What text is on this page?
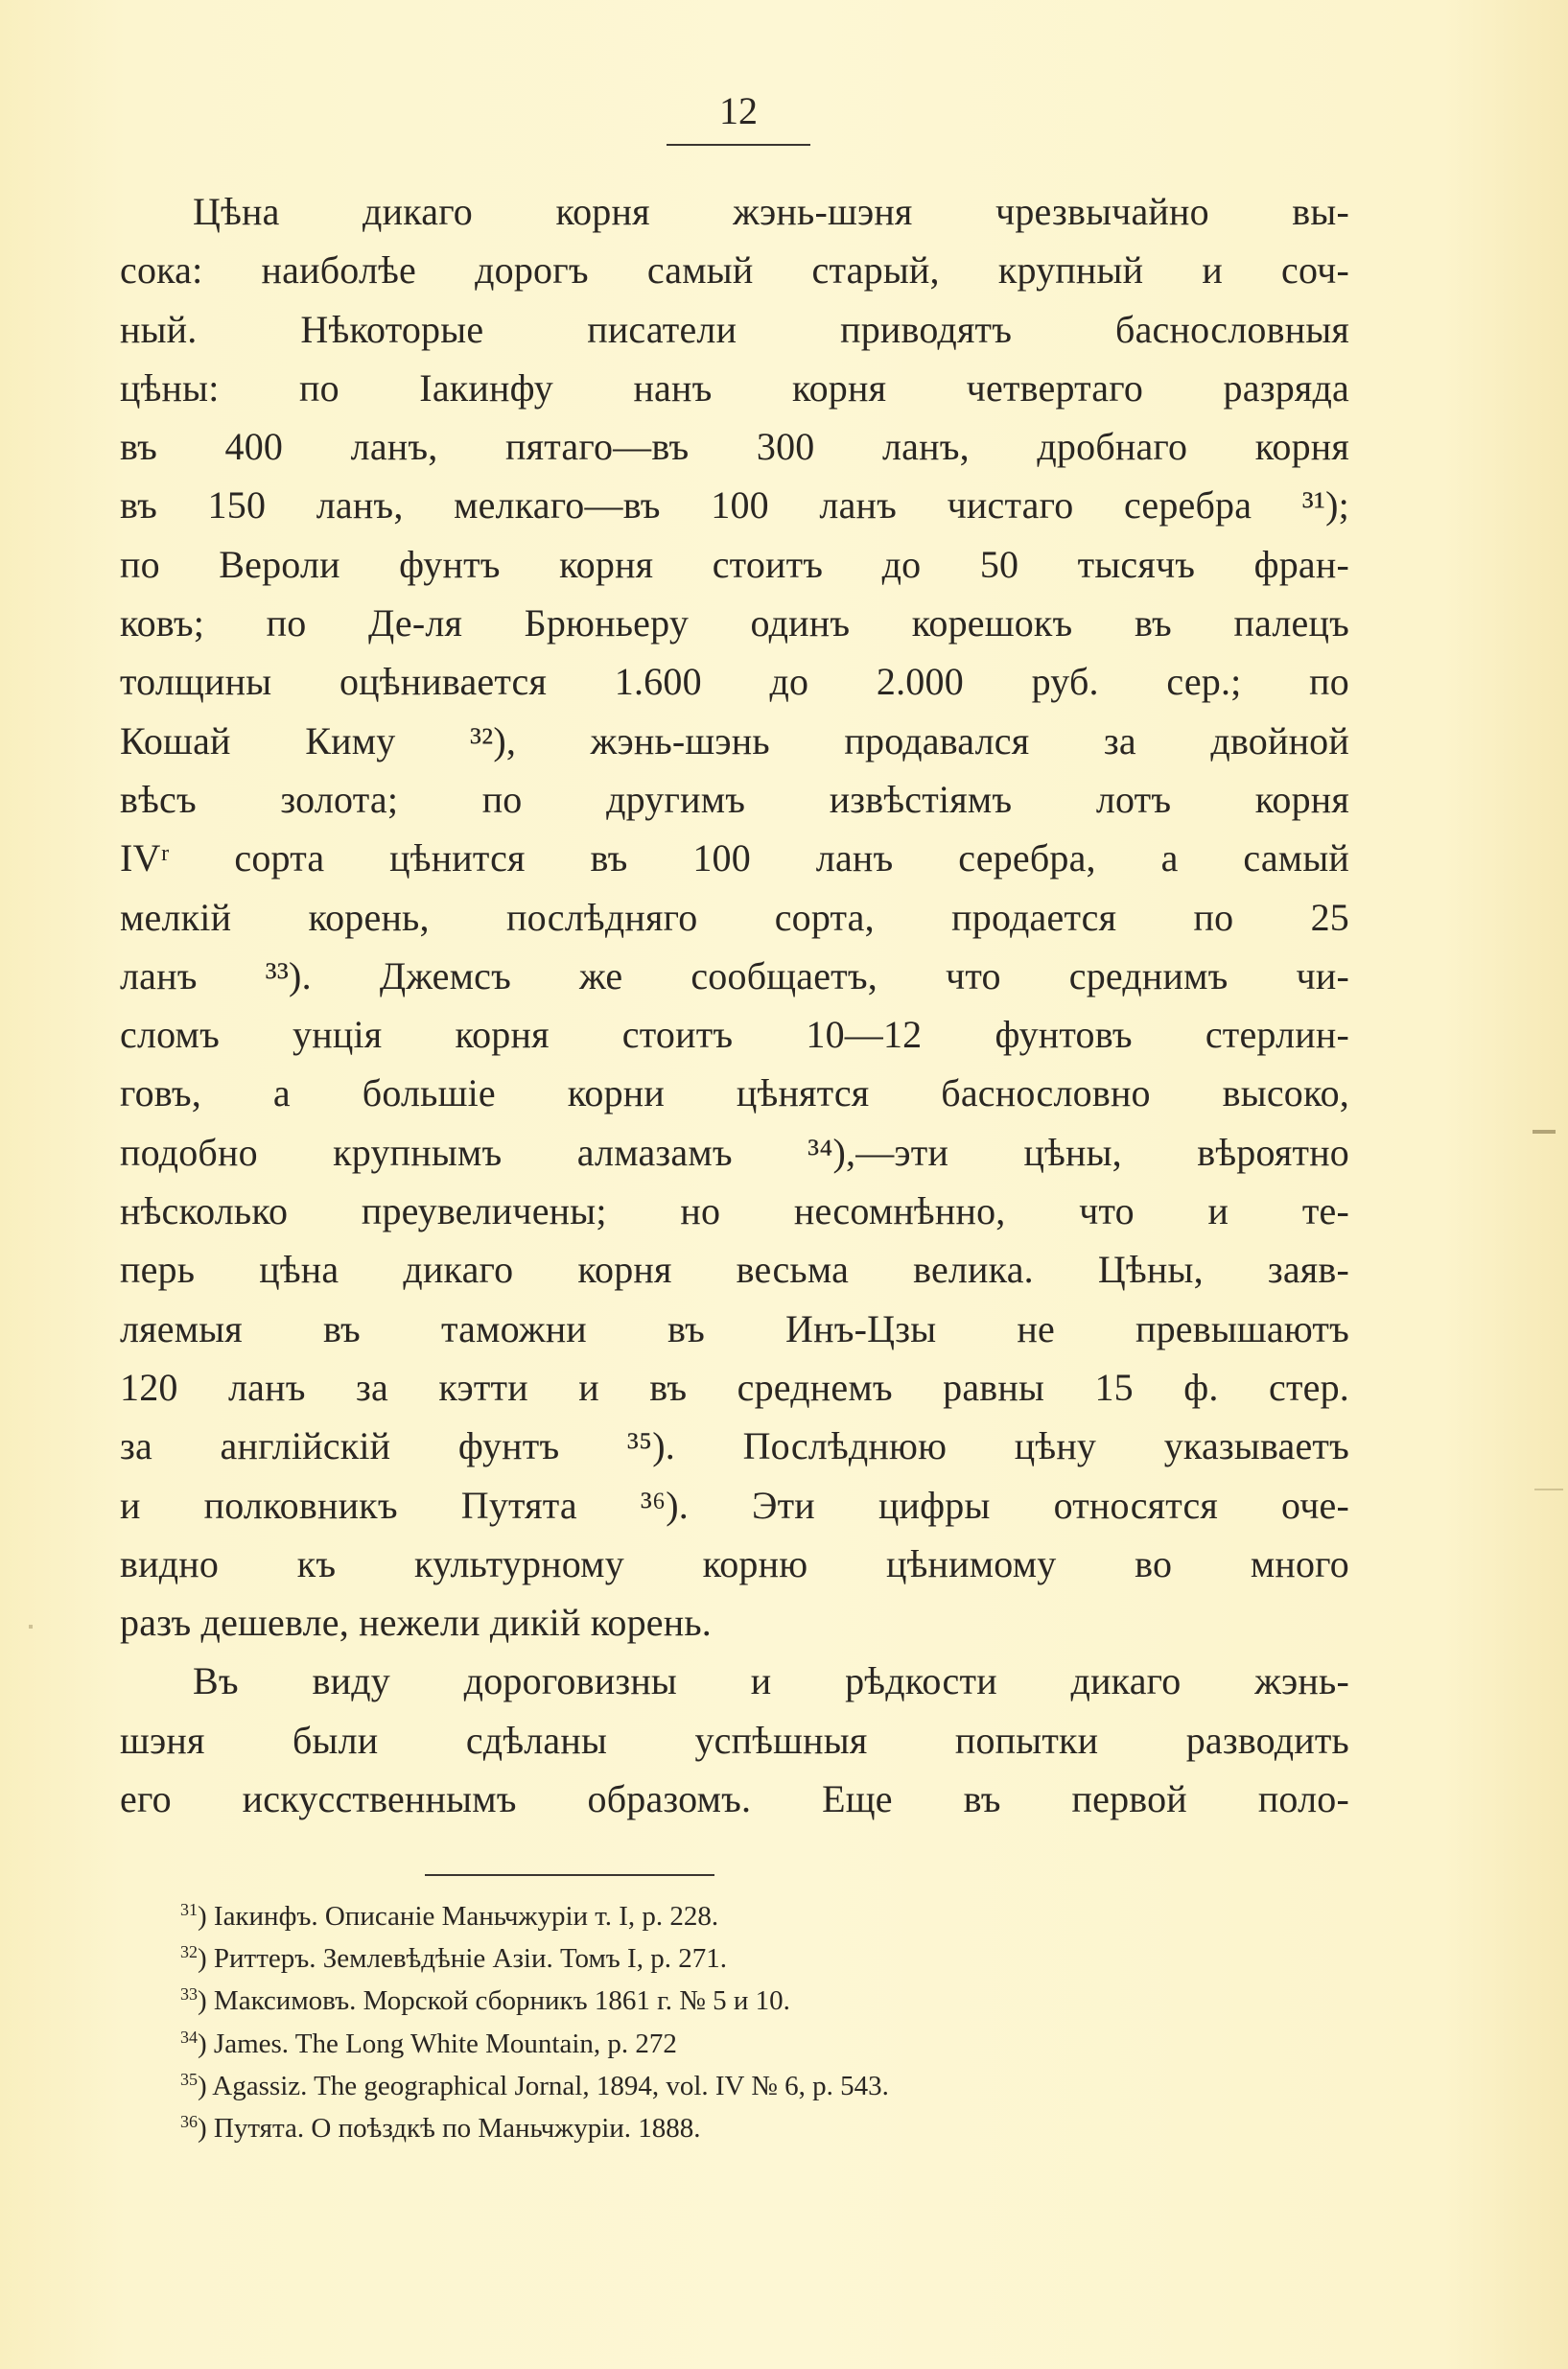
12
Цѣна дикаго корня жэнь-шэня чрезвычайно вы-
сока: наиболѣе дорогъ самый старый, крупный и соч-
ный. Нѣкоторые писатели приводятъ баснословныя
цѣны: по Іакинфу нанъ корня четвертаго разряда
въ 400 ланъ, пятаго—въ 300 ланъ, дробнаго корня
въ 150 ланъ, мелкаго—въ 100 ланъ чистаго серебра ³¹);
по Вероли фунтъ корня стоитъ до 50 тысячъ фран-
ковъ; по Де-ля Брюньеру одинъ корешокъ въ палецъ
толщины оцѣнивается 1.600 до 2.000 руб. сер.; по
Кошай Киму ³²), жэнь-шэнь продавался за двойной
вѣсъ золота; по другимъ извѣстіямъ лотъ корня
IVʳ сорта цѣнится въ 100 ланъ серебра, а самый
мелкій корень, послѣдняго сорта, продается по 25
ланъ ³³). Джемсъ же сообщаетъ, что среднимъ чи-
сломъ унція корня стоитъ 10—12 фунтовъ стерлин-
говъ, а большіе корни цѣнятся баснословно высоко,
подобно крупнымъ алмазамъ ³⁴),—эти цѣны, вѣроятно
нѣсколько преувеличены; но несомнѣнно, что и те-
перь цѣна дикаго корня весьма велика. Цѣны, заяв-
ляемыя въ таможни въ Инъ-Цзы не превышаютъ
120 ланъ за кэтти и въ среднемъ равны 15 ф. стер.
за англійскій фунтъ ³⁵). Послѣднюю цѣну указываетъ
и полковникъ Путята ³⁶). Эти цифры относятся оче-
видно къ культурному корню цѣнимому во много
разъ дешевле, нежели дикій корень.
Въ виду дороговизны и рѣдкости дикаго жэнь-
шэня были сдѣланы успѣшныя попытки разводить
его искусственнымъ образомъ. Еще въ первой поло-
$^{31}$) Іакинфъ. Описаніе Маньчжуріи т. I, р. 228.
$^{32}$) Риттеръ. Землевѣдѣніе Азіи. Томъ I, р. 271.
$^{33}$) Максимовъ. Морской сборникъ 1861 г. № 5 и 10.
$^{34}$) James. The Long White Mountain, p. 272
$^{35}$) Agassiz. The geographical Jornal, 1894, vol. IV № 6, р. 543.
$^{36}$) Путята. О поѣздкѣ по Маньчжуріи. 1888.
